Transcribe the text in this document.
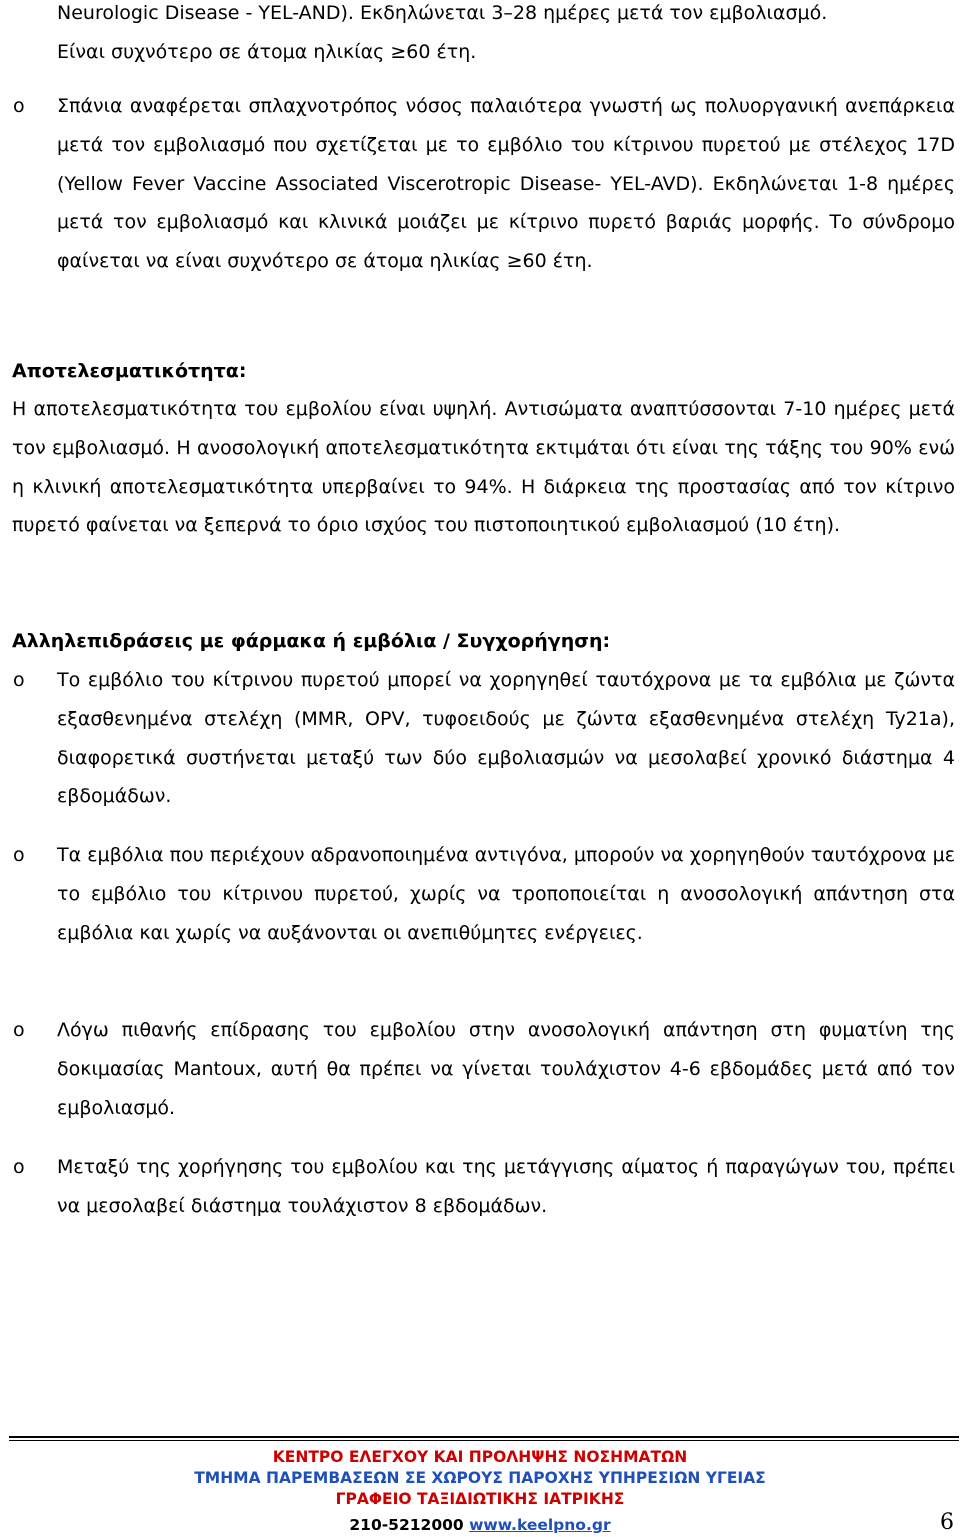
Neurologic Disease - YEL-AND). Εκδηλώνεται 3–28 ημέρες μετά τον εμβολιασμό.

Είναι συχνότερο σε άτομα ηλικίας ≥60 έτη.

o Σπάνια αναφέρεται σπλαχνοτρόπος νόσος παλαιότερα γνωστή ως πολυοργανική ανεπάρκεια μετά τον εμβολιασμό που σχετίζεται με το εμβόλιο του κίτρινου πυρετού με στέλεχος 17D (Yellow Fever Vaccine Associated Viscerotropic Disease- YEL-AVD). Εκδηλώνεται 1-8 ημέρες μετά τον εμβολιασμό και κλινικά μοιάζει με κίτρινο πυρετό βαριάς μορφής. Το σύνδρομο φαίνεται να είναι συχνότερο σε άτομα ηλικίας ≥60 έτη.

Αποτελεσματικότητα:

Η αποτελεσματικότητα του εμβολίου είναι υψηλή. Αντισώματα αναπτύσσονται 7-10 ημέρες μετά τον εμβολιασμό. Η ανοσολογική αποτελεσματικότητα εκτιμάται ότι είναι της τάξης του 90% ενώ η κλινική αποτελεσματικότητα υπερβαίνει το 94%. Η διάρκεια της προστασίας από τον κίτρινο πυρετό φαίνεται να ξεπερνά το όριο ισχύος του πιστοποιητικού εμβολιασμού (10 έτη).

Αλληλεπιδράσεις με φάρμακα ή εμβόλια / Συγχορήγηση:
o Το εμβόλιο του κίτρινου πυρετού μπορεί να χορηγηθεί ταυτόχρονα με τα εμβόλια με ζώντα εξασθενημένα στελέχη (MMR, OPV, τυφοειδούς με ζώντα εξασθενημένα στελέχη Ty21a), διαφορετικά συστήνεται μεταξύ των δύο εμβολιασμών να μεσολαβεί χρονικό διάστημα 4 εβδομάδων.

o Τα εμβόλια που περιέχουν αδρανοποιημένα αντιγόνα, μπορούν να χορηγηθούν ταυτόχρονα με το εμβόλιο του κίτρινου πυρετού, χωρίς να τροποποιείται η ανοσολογική απάντηση στα εμβόλια και χωρίς να αυξάνονται οι ανεπιθύμητες ενέργειες.

o Λόγω πιθανής επίδρασης του εμβολίου στην ανοσολογική απάντηση στη φυματίνη της δοκιμασίας Mantoux, αυτή θα πρέπει να γίνεται τουλάχιστον 4-6 εβδομάδες μετά από τον εμβολιασμό.

o Μεταξύ της χορήγησης του εμβολίου και της μετάγγισης αίματος ή παραγώγων του, πρέπει να μεσολαβεί διάστημα τουλάχιστον 8 εβδομάδων.

ΚΕΝΤΡΟ ΕΛΕΓΧΟΥ ΚΑΙ ΠΡΟΛΗΨΗΣ ΝΟΣΗΜΑΤΩΝ
ΤΜΗΜΑ ΠΑΡΕΜΒΑΣΕΩΝ ΣΕ ΧΩΡΟΥΣ ΠΑΡΟΧΗΣ ΥΠΗΡΕΣΙΩΝ ΥΓΕΙΑΣ
ΓΡΑΦΕΙΟ ΤΑΞΙΔΙΩΤΙΚΗΣ ΙΑΤΡΙΚΗΣ
210-5212000 www.keelpno.gr	6
